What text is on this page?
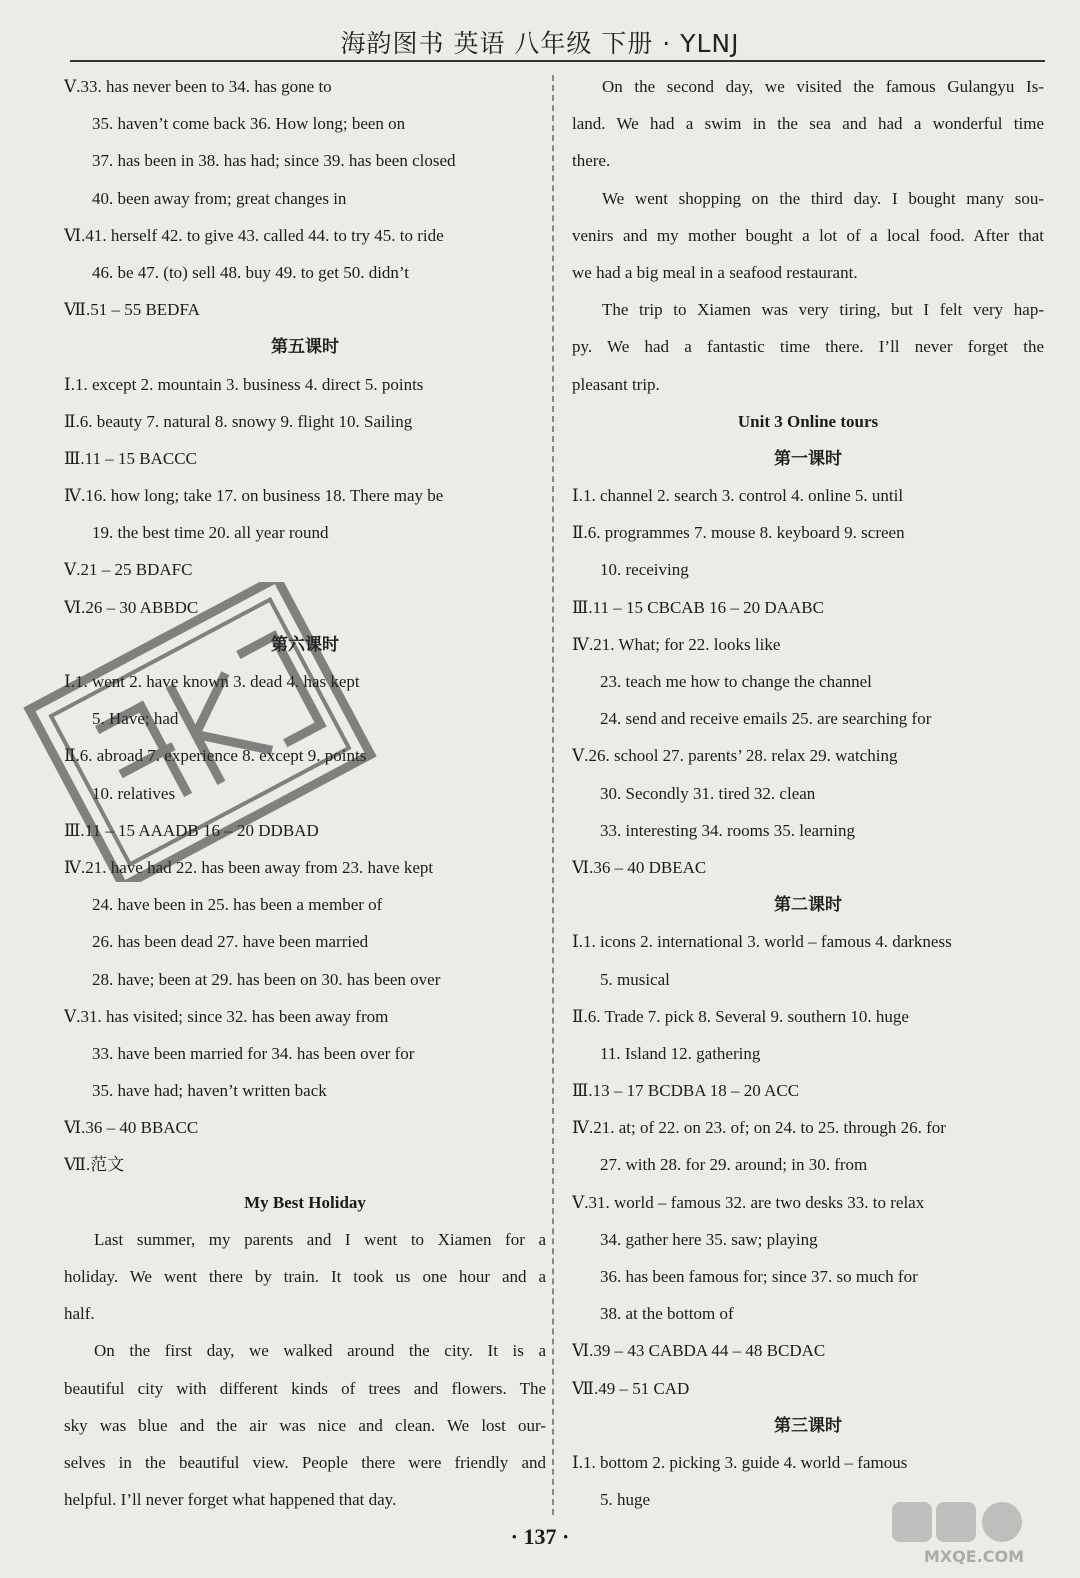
海韵图书 英语 八年级 下册 · YLNJ
Ⅴ.33. has never been to 34. has gone to
35. haven’t come back 36. How long; been on
37. has been in 38. has had; since 39. has been closed
40. been away from; great changes in
Ⅵ.41. herself 42. to give 43. called 44. to try 45. to ride
46. be 47. (to) sell 48. buy 49. to get 50. didn’t
Ⅶ.51 – 55 BEDFA
第五课时
Ⅰ.1. except 2. mountain 3. business 4. direct 5. points
Ⅱ.6. beauty 7. natural 8. snowy 9. flight 10. Sailing
Ⅲ.11 – 15 BACCC
Ⅳ.16. how long; take 17. on business 18. There may be
19. the best time 20. all year round
Ⅴ.21 – 25 BDAFC
Ⅵ.26 – 30 ABBDC
第六课时
Ⅰ.1. went 2. have known 3. dead 4. has kept
5. Have; had
Ⅱ.6. abroad 7. experience 8. except 9. points
10. relatives
Ⅲ.11 – 15 AAADB 16 – 20 DDBAD
Ⅳ.21. have had 22. has been away from 23. have kept
24. have been in 25. has been a member of
26. has been dead 27. have been married
28. have; been at 29. has been on 30. has been over
Ⅴ.31. has visited; since 32. has been away from
33. have been married for 34. has been over for
35. have had; haven’t written back
Ⅵ.36 – 40 BBACC
Ⅶ.范文
My Best Holiday
Last summer, my parents and I went to Xiamen for a
holiday. We went there by train. It took us one hour and a
half.
On the first day, we walked around the city. It is a
beautiful city with different kinds of trees and flowers. The
sky was blue and the air was nice and clean. We lost our-
selves in the beautiful view. People there were friendly and
helpful. I’ll never forget what happened that day.
On the second day, we visited the famous Gulangyu Is-
land. We had a swim in the sea and had a wonderful time
there.
We went shopping on the third day. I bought many sou-
venirs and my mother bought a lot of a local food. After that
we had a big meal in a seafood restaurant.
The trip to Xiamen was very tiring, but I felt very hap-
py. We had a fantastic time there. I’ll never forget the
pleasant trip.
Unit 3 Online tours
第一课时
Ⅰ.1. channel 2. search 3. control 4. online 5. until
Ⅱ.6. programmes 7. mouse 8. keyboard 9. screen
10. receiving
Ⅲ.11 – 15 CBCAB 16 – 20 DAABC
Ⅳ.21. What; for 22. looks like
23. teach me how to change the channel
24. send and receive emails 25. are searching for
Ⅴ.26. school 27. parents’ 28. relax 29. watching
30. Secondly 31. tired 32. clean
33. interesting 34. rooms 35. learning
Ⅵ.36 – 40 DBEAC
第二课时
Ⅰ.1. icons 2. international 3. world – famous 4. darkness
5. musical
Ⅱ.6. Trade 7. pick 8. Several 9. southern 10. huge
11. Island 12. gathering
Ⅲ.13 – 17 BCDBA 18 – 20 ACC
Ⅳ.21. at; of 22. on 23. of; on 24. to 25. through 26. for
27. with 28. for 29. around; in 30. from
Ⅴ.31. world – famous 32. are two desks 33. to relax
34. gather here 35. saw; playing
36. has been famous for; since 37. so much for
38. at the bottom of
Ⅵ.39 – 43 CABDA 44 – 48 BCDAC
Ⅶ.49 – 51 CAD
第三课时
Ⅰ.1. bottom 2. picking 3. guide 4. world – famous
5. huge
· 137 ·
MXQE.COM
